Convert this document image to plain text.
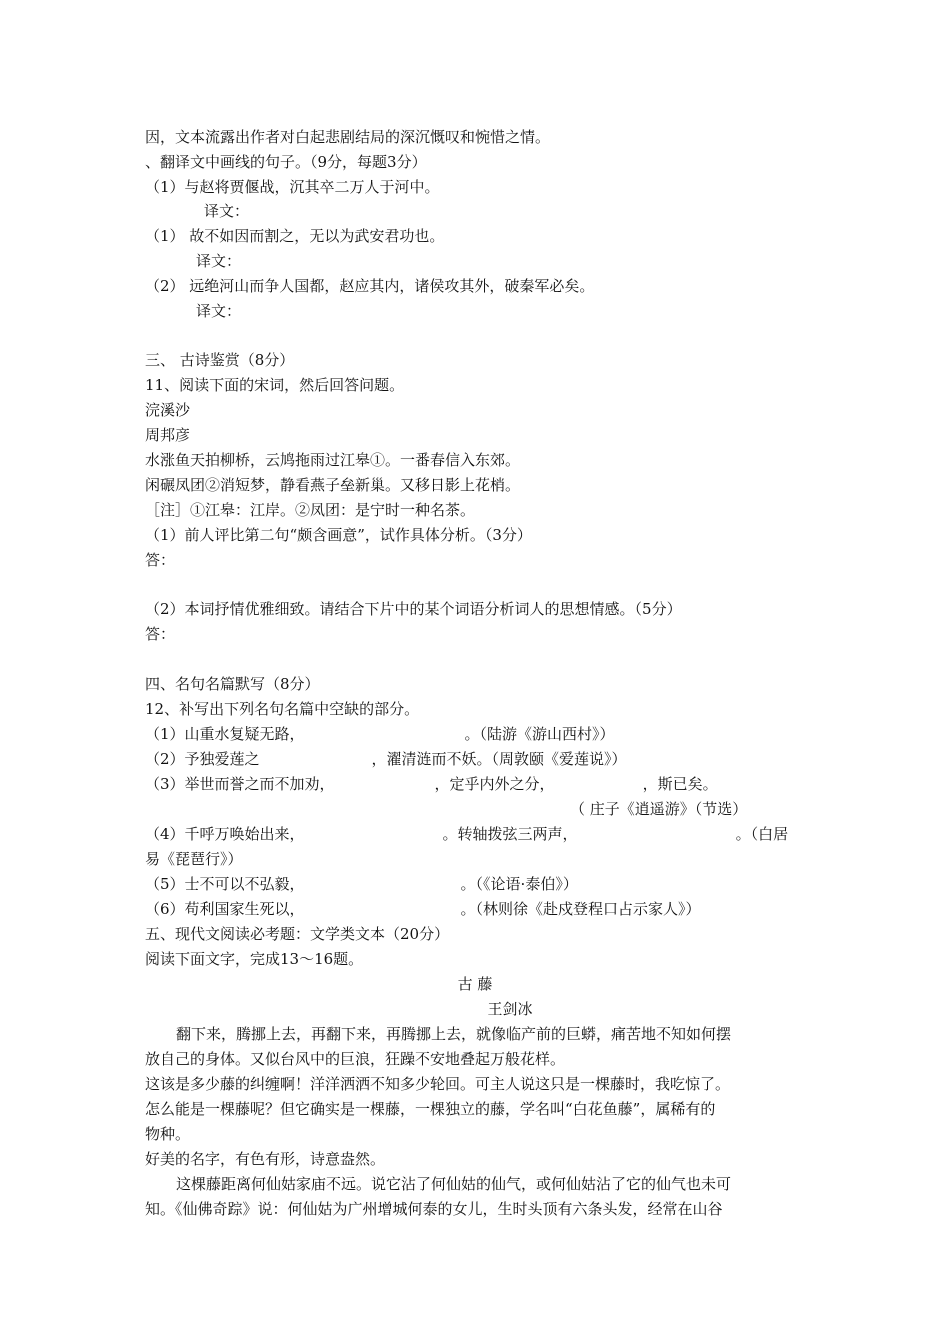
因，文本流露出作者对白起悲剧结局的深沉慨叹和惋惜之情。
、翻译文中画线的句子。（9分，每题3分）
（1）与赵将贾偃战，沉其卒二万人于河中。
译文：
（1） 故不如因而割之，无以为武安君功也。
译文：
（2） 远绝河山而争人国都，赵应其内，诸侯攻其外，破秦军必矣。
译文：
三、 古诗鉴赏（8分）
11、阅读下面的宋词，然后回答问题。
浣溪沙
周邦彦
水涨鱼天拍柳桥，云鸠拖雨过江皋①。一番春信入东郊。
闲碾凤团②消短梦，静看燕子垒新巢。又移日影上花梢。
［注］①江皋：江岸。②凤团：是宁时一种名茶。
（1）前人评比第二句“颇含画意”，试作具体分析。（3分）
答：
（2）本词抒情优雅细致。请结合下片中的某个词语分析词人的思想情感。（5分）
答：
四、名句名篇默写（8分）
12、补写出下列名句名篇中空缺的部分。
（1）山重水复疑无路，	。（陆游《游山西村》）
（2）予独爱莲之	，濯清涟而不妖。（周敦颐《爱莲说》）
（3）举世而誉之而不加劝，	，定乎内外之分，	，斯已矣。
（ 庄子《逍遥游》（节选）
（4）千呼万唤始出来，	。转轴拨弦三两声，	。（白居
易《琵琶行》）
（5）士不可以不弘毅，	。（《论语·泰伯》）
（6）苟利国家生死以，	。（林则徐《赴戍登程口占示家人》）
五、现代文阅读必考题：文学类文本（20分）
阅读下面文字，完成13～16题。
古 藤
王剑冰
翻下来，腾挪上去，再翻下来，再腾挪上去，就像临产前的巨蟒，痛苦地不知如何摆
放自己的身体。又似台风中的巨浪，狂躁不安地叠起万般花样。
这该是多少藤的纠缠啊！洋洋洒洒不知多少轮回。可主人说这只是一棵藤时，我吃惊了。
怎么能是一棵藤呢？但它确实是一棵藤，一棵独立的藤，学名叫“白花鱼藤”，属稀有的
物种。
好美的名字，有色有形，诗意盎然。
这棵藤距离何仙姑家庙不远。说它沾了何仙姑的仙气，或何仙姑沾了它的仙气也未可
知。《仙佛奇踪》说：何仙姑为广州增城何泰的女儿，生时头顶有六条头发，经常在山谷
